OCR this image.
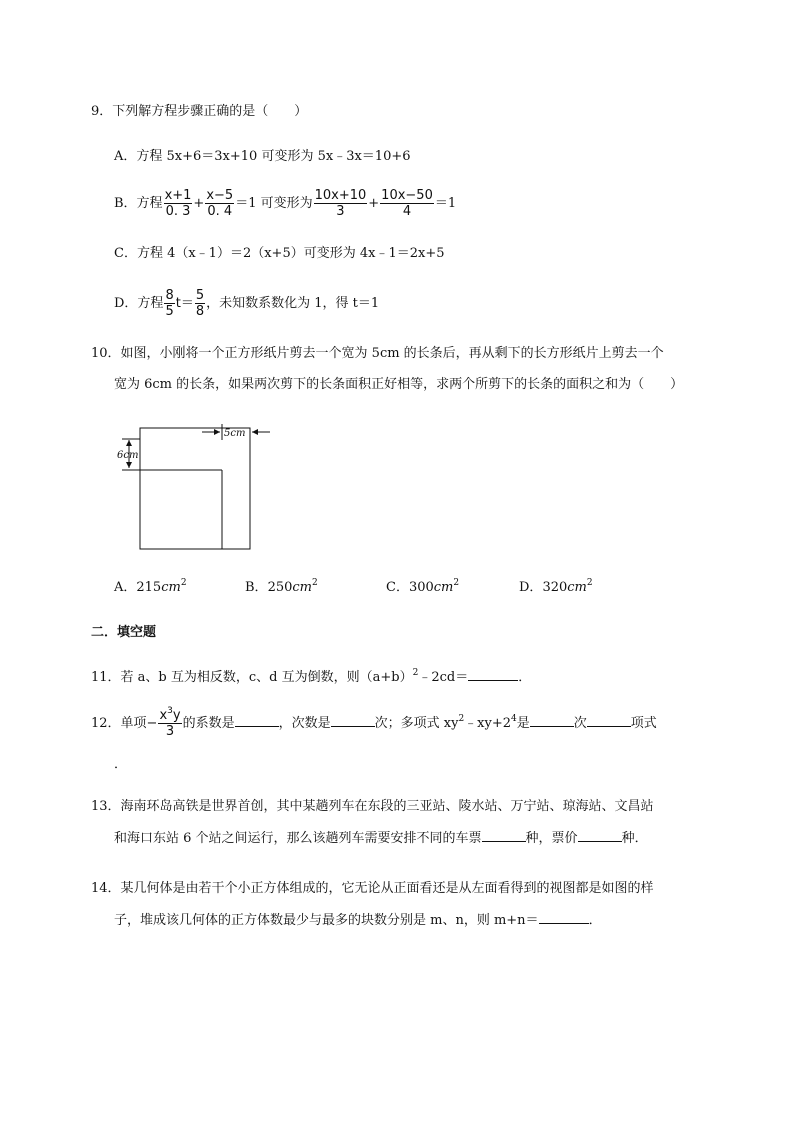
9．下列解方程步骤正确的是（　　）
A．方程 5x+6＝3x+10 可变形为 5x﹣3x＝10+6
B．方程 $\frac{x+1}{0. 3} + \frac{x-5}{0. 4} =1$ 可变形为 $\frac{10x+10}{3} + \frac{10x-50}{4} =1$
C．方程 4（x﹣1）＝2（x+5）可变形为 4x﹣1＝2x+5
D．方程 $\frac{8}{5} t= \frac{5}{8}$ ，未知数系数化为 1，得 t＝1
10．如图，小刚将一个正方形纸片剪去一个宽为 5cm 的长条后，再从剩下的长方形纸片上剪去一个
宽为 6cm 的长条，如果两次剪下的长条面积正好相等，求两个所剪下的长条的面积之和为（　　）
5cm
6cm
A．$215cm^2$	B．$250cm^2$	C．$300cm^2$	D．$320cm^2$
二．填空题
11．若 a、b 互为相反数，c、d 互为倒数，则$(a+b)^2﹣2cd=$	．
12．单项− $\frac{x^3y}{3}$ 的系数是	，次数是	次；多项式 $xy^2﹣xy+2^4$是	次	项式
．
13．海南环岛高铁是世界首创，其中某趟列车在东段的三亚站、陵水站、万宁站、琼海站、文昌站
和海口东站 6 个站之间运行，那么该趟列车需要安排不同的车票	种，票价	种．
14．某几何体是由若干个小正方体组成的，它无论从正面看还是从左面看得到的视图都是如图的样
子，堆成该几何体的正方体数最少与最多的块数分别是 m、n，则 m+n＝	．
